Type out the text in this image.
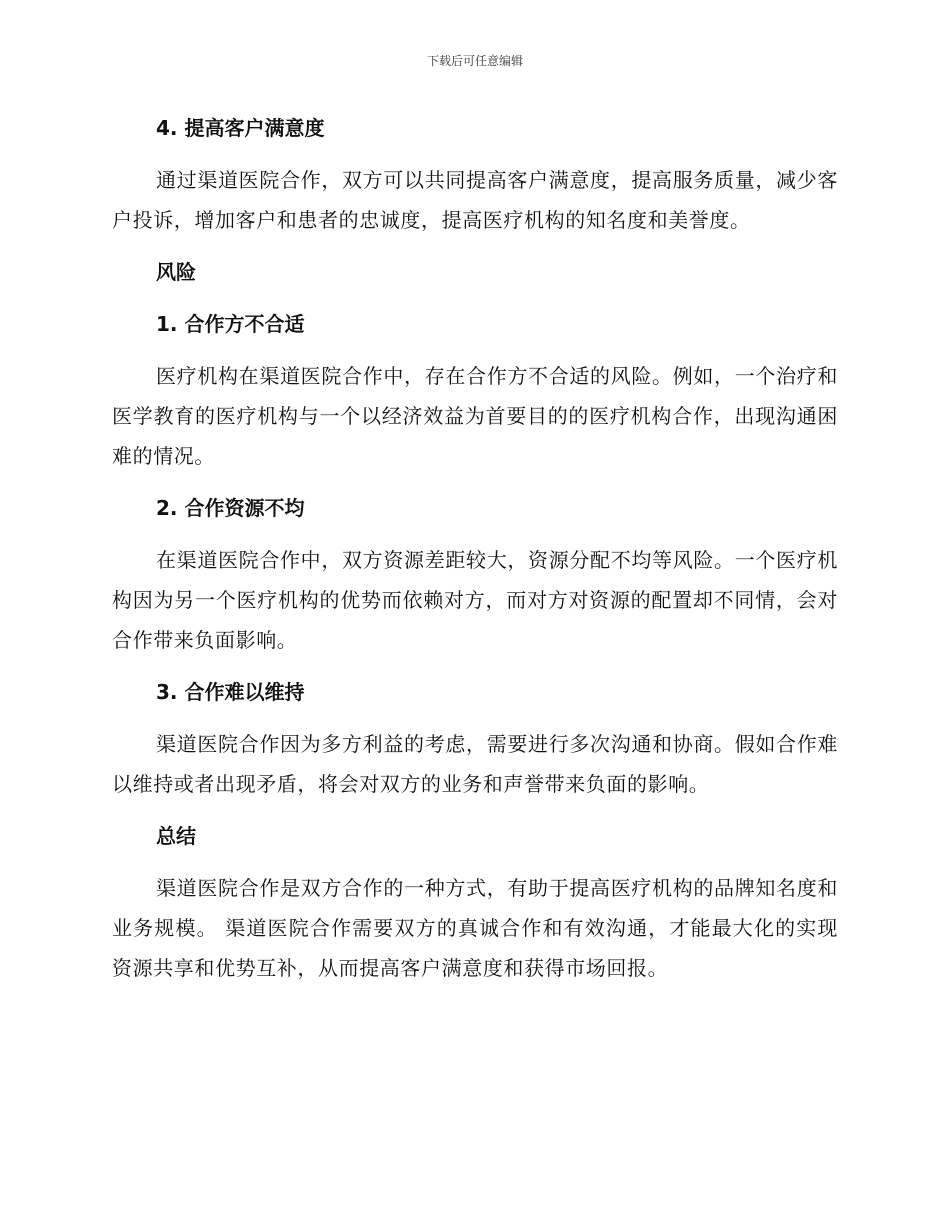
下载后可任意编辑
4. 提高客户满意度

通过渠道医院合作，双方可以共同提高客户满意度，提高服务质量，减少客户投诉，增加客户和患者的忠诚度，提高医疗机构的知名度和美誉度。

风险
1. 合作方不合适

医疗机构在渠道医院合作中，存在合作方不合适的风险。例如，一个治疗和医学教育的医疗机构与一个以经济效益为首要目的的医疗机构合作，出现沟通困难的情况。

2. 合作资源不均

在渠道医院合作中，双方资源差距较大，资源分配不均等风险。一个医疗机构因为另一个医疗机构的优势而依赖对方，而对方对资源的配置却不同情，会对合作带来负面影响。

3. 合作难以维持

渠道医院合作因为多方利益的考虑，需要进行多次沟通和协商。假如合作难以维持或者出现矛盾，将会对双方的业务和声誉带来负面的影响。

总结

渠道医院合作是双方合作的一种方式，有助于提高医疗机构的品牌知名度和业务规模。 渠道医院合作需要双方的真诚合作和有效沟通，才能最大化的实现资源共享和优势互补，从而提高客户满意度和获得市场回报。
